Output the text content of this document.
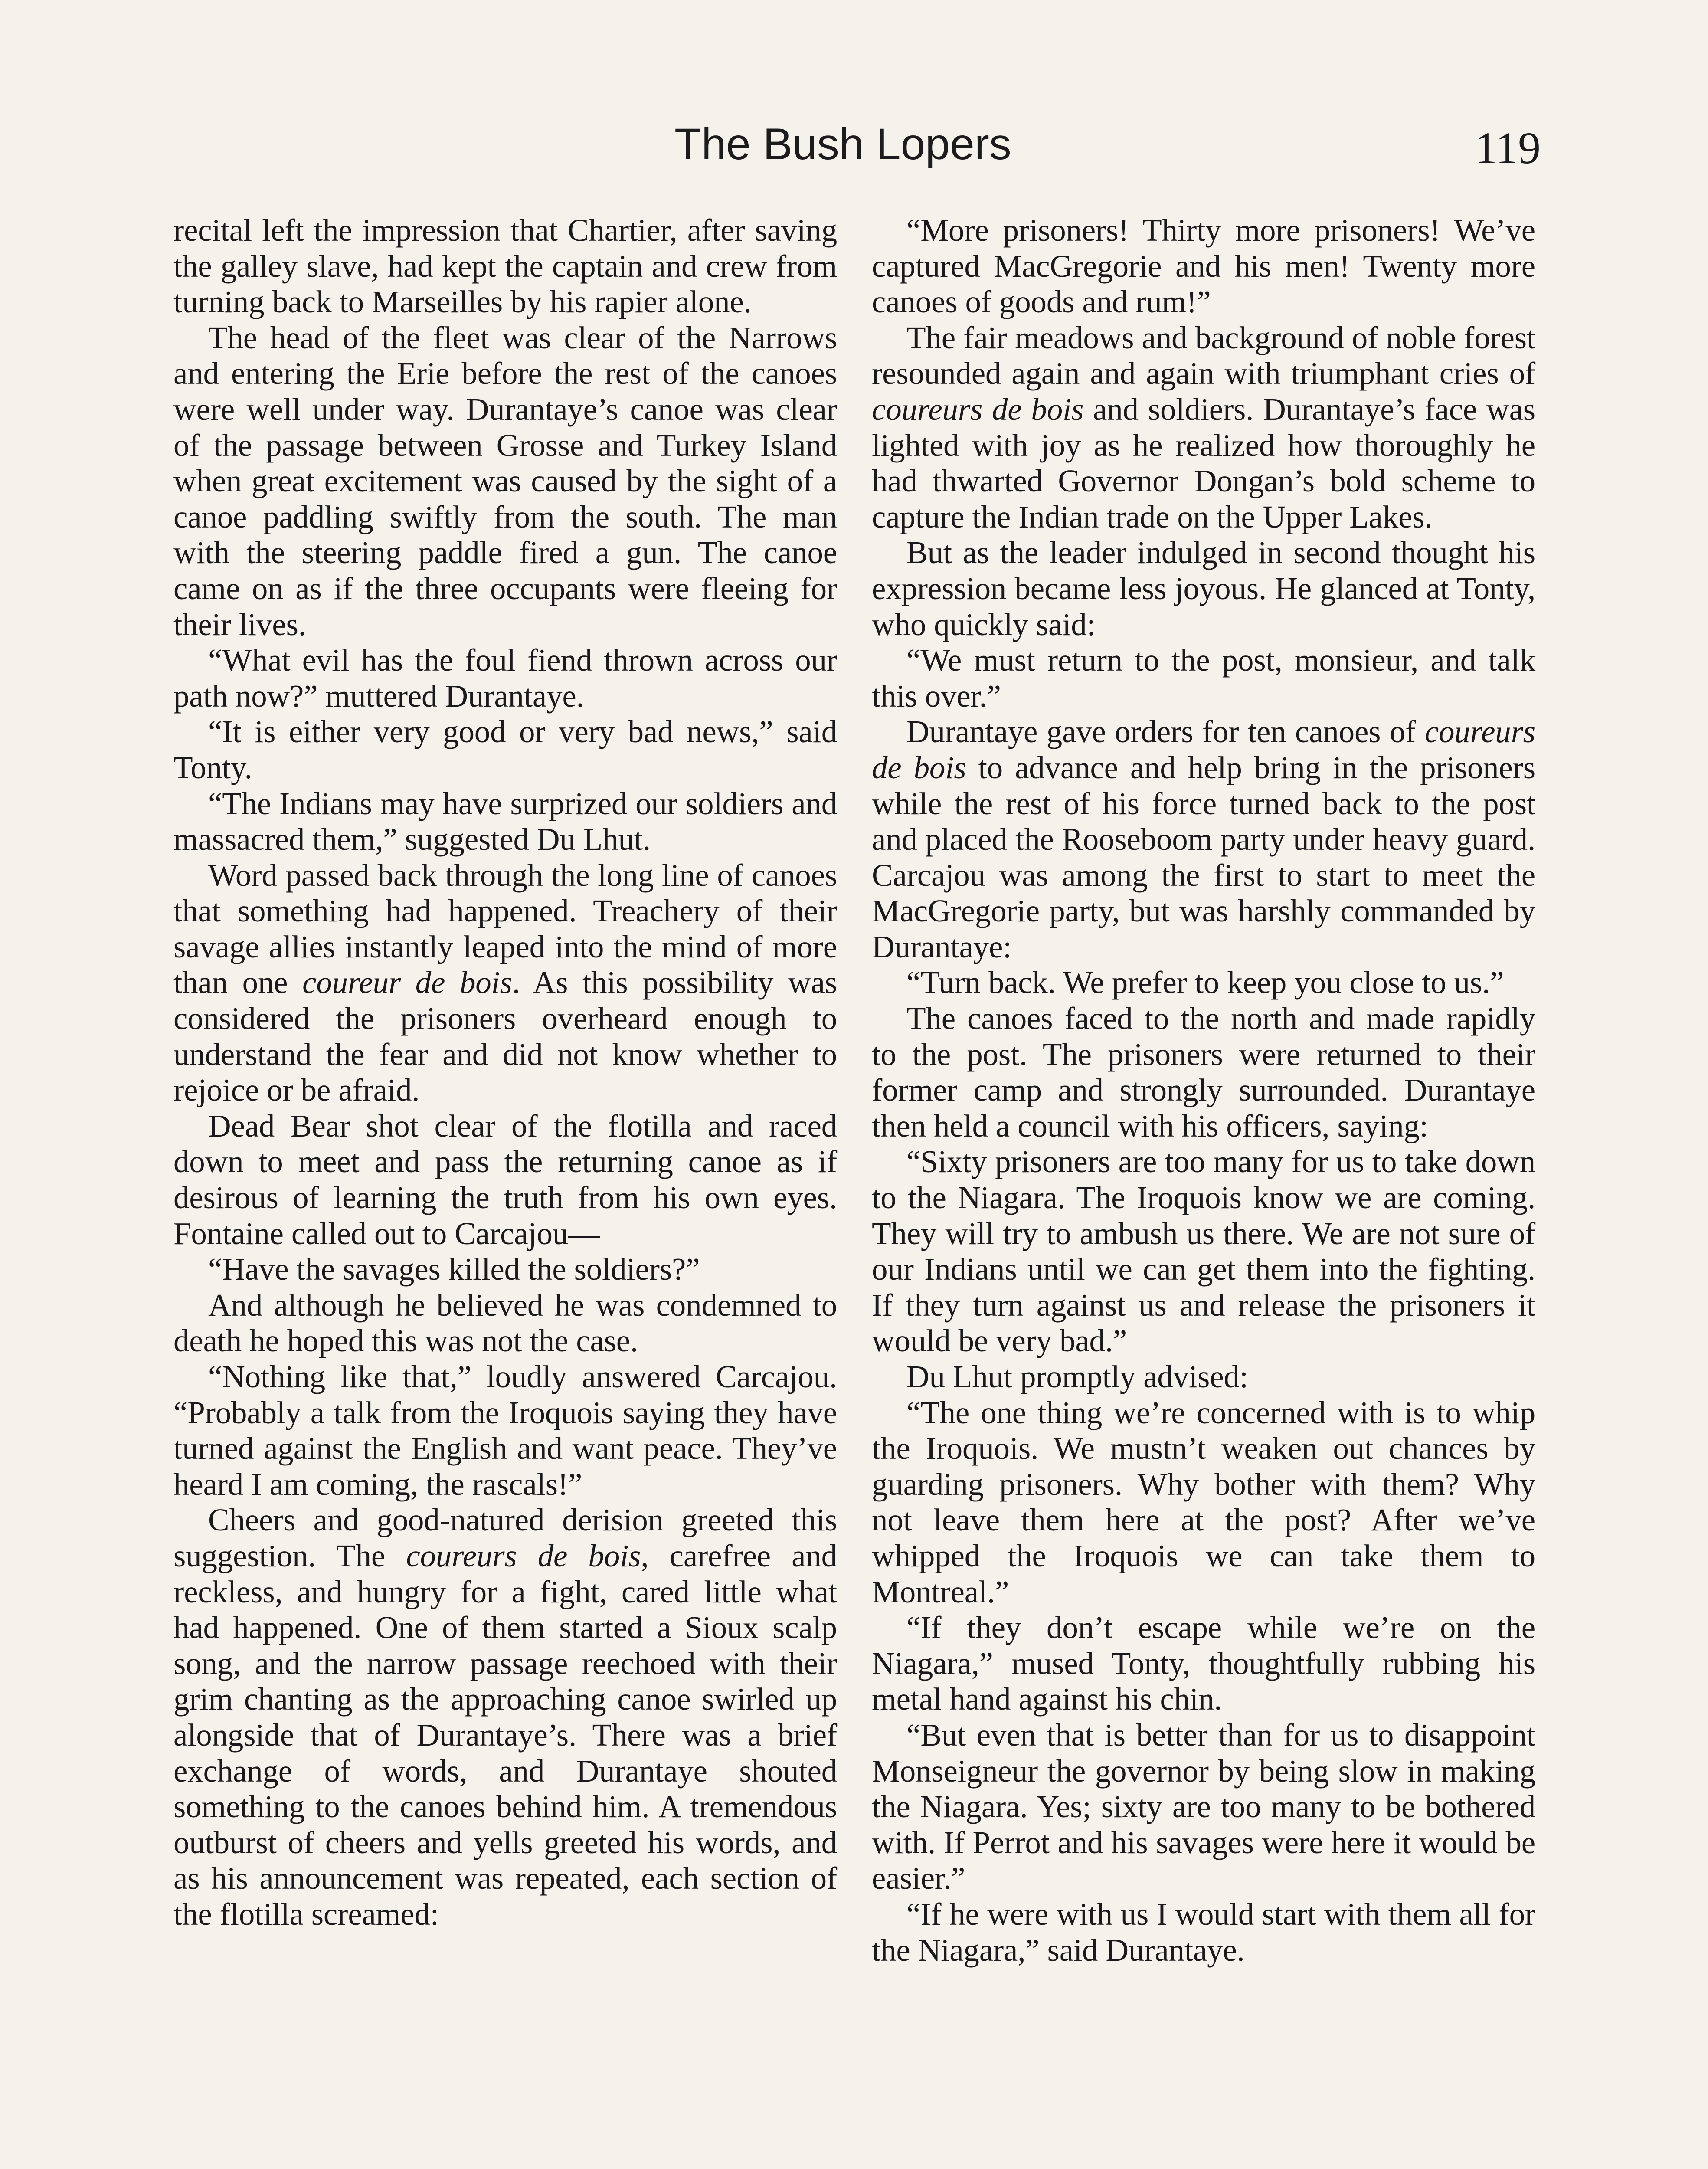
The Bush Lopers	119

recital left the impression that Chartier, after saving the galley slave, had kept the captain and crew from turning back to Marseilles by his rapier alone.

The head of the fleet was clear of the Narrows and entering the Erie before the rest of the canoes were well under way. Durantaye’s canoe was clear of the passage between Grosse and Turkey Island when great excitement was caused by the sight of a canoe paddling swiftly from the south. The man with the steering paddle fired a gun. The canoe came on as if the three occupants were fleeing for their lives.

“What evil has the foul fiend thrown across our path now?” muttered Durantaye.

“It is either very good or very bad news,” said Tonty.

“The Indians may have surprized our soldiers and massacred them,” suggested Du Lhut.

Word passed back through the long line of canoes that something had happened. Treachery of their savage allies instantly leaped into the mind of more than one coureur de bois. As this possibility was considered the prisoners overheard enough to understand the fear and did not know whether to rejoice or be afraid.

Dead Bear shot clear of the flotilla and raced down to meet and pass the returning canoe as if desirous of learning the truth from his own eyes. Fontaine called out to Carcajou—

“Have the savages killed the soldiers?”

And although he believed he was condemned to death he hoped this was not the case.

“Nothing like that,” loudly answered Carcajou. “Probably a talk from the Iroquois saying they have turned against the English and want peace. They’ve heard I am coming, the rascals!”

Cheers and good-natured derision greeted this suggestion. The coureurs de bois, carefree and reckless, and hungry for a fight, cared little what had happened. One of them started a Sioux scalp song, and the narrow passage reechoed with their grim chanting as the approaching canoe swirled up alongside that of Durantaye’s. There was a brief exchange of words, and Durantaye shouted something to the canoes behind him. A tremendous outburst of cheers and yells greeted his words, and as his announcement was repeated, each section of the flotilla screamed:

“More prisoners! Thirty more prisoners! We’ve captured MacGregorie and his men! Twenty more canoes of goods and rum!”

The fair meadows and background of noble forest resounded again and again with triumphant cries of coureurs de bois and soldiers. Durantaye’s face was lighted with joy as he realized how thoroughly he had thwarted Governor Dongan’s bold scheme to capture the Indian trade on the Upper Lakes.

But as the leader indulged in second thought his expression became less joyous. He glanced at Tonty, who quickly said:

“We must return to the post, monsieur, and talk this over.”

Durantaye gave orders for ten canoes of coureurs de bois to advance and help bring in the prisoners while the rest of his force turned back to the post and placed the Rooseboom party under heavy guard. Carcajou was among the first to start to meet the MacGregorie party, but was harshly commanded by Durantaye:

“Turn back. We prefer to keep you close to us.”

The canoes faced to the north and made rapidly to the post. The prisoners were returned to their former camp and strongly surrounded. Durantaye then held a council with his officers, saying:

“Sixty prisoners are too many for us to take down to the Niagara. The Iroquois know we are coming. They will try to ambush us there. We are not sure of our Indians until we can get them into the fighting. If they turn against us and release the prisoners it would be very bad.”

Du Lhut promptly advised:

“The one thing we’re concerned with is to whip the Iroquois. We mustn’t weaken out chances by guarding prisoners. Why bother with them? Why not leave them here at the post? After we’ve whipped the Iroquois we can take them to Montreal.”

“If they don’t escape while we’re on the Niagara,” mused Tonty, thoughtfully rubbing his metal hand against his chin.

“But even that is better than for us to disappoint Monseigneur the governor by being slow in making the Niagara. Yes; sixty are too many to be bothered with. If Perrot and his savages were here it would be easier.”

“If he were with us I would start with them all for the Niagara,” said Durantaye.
